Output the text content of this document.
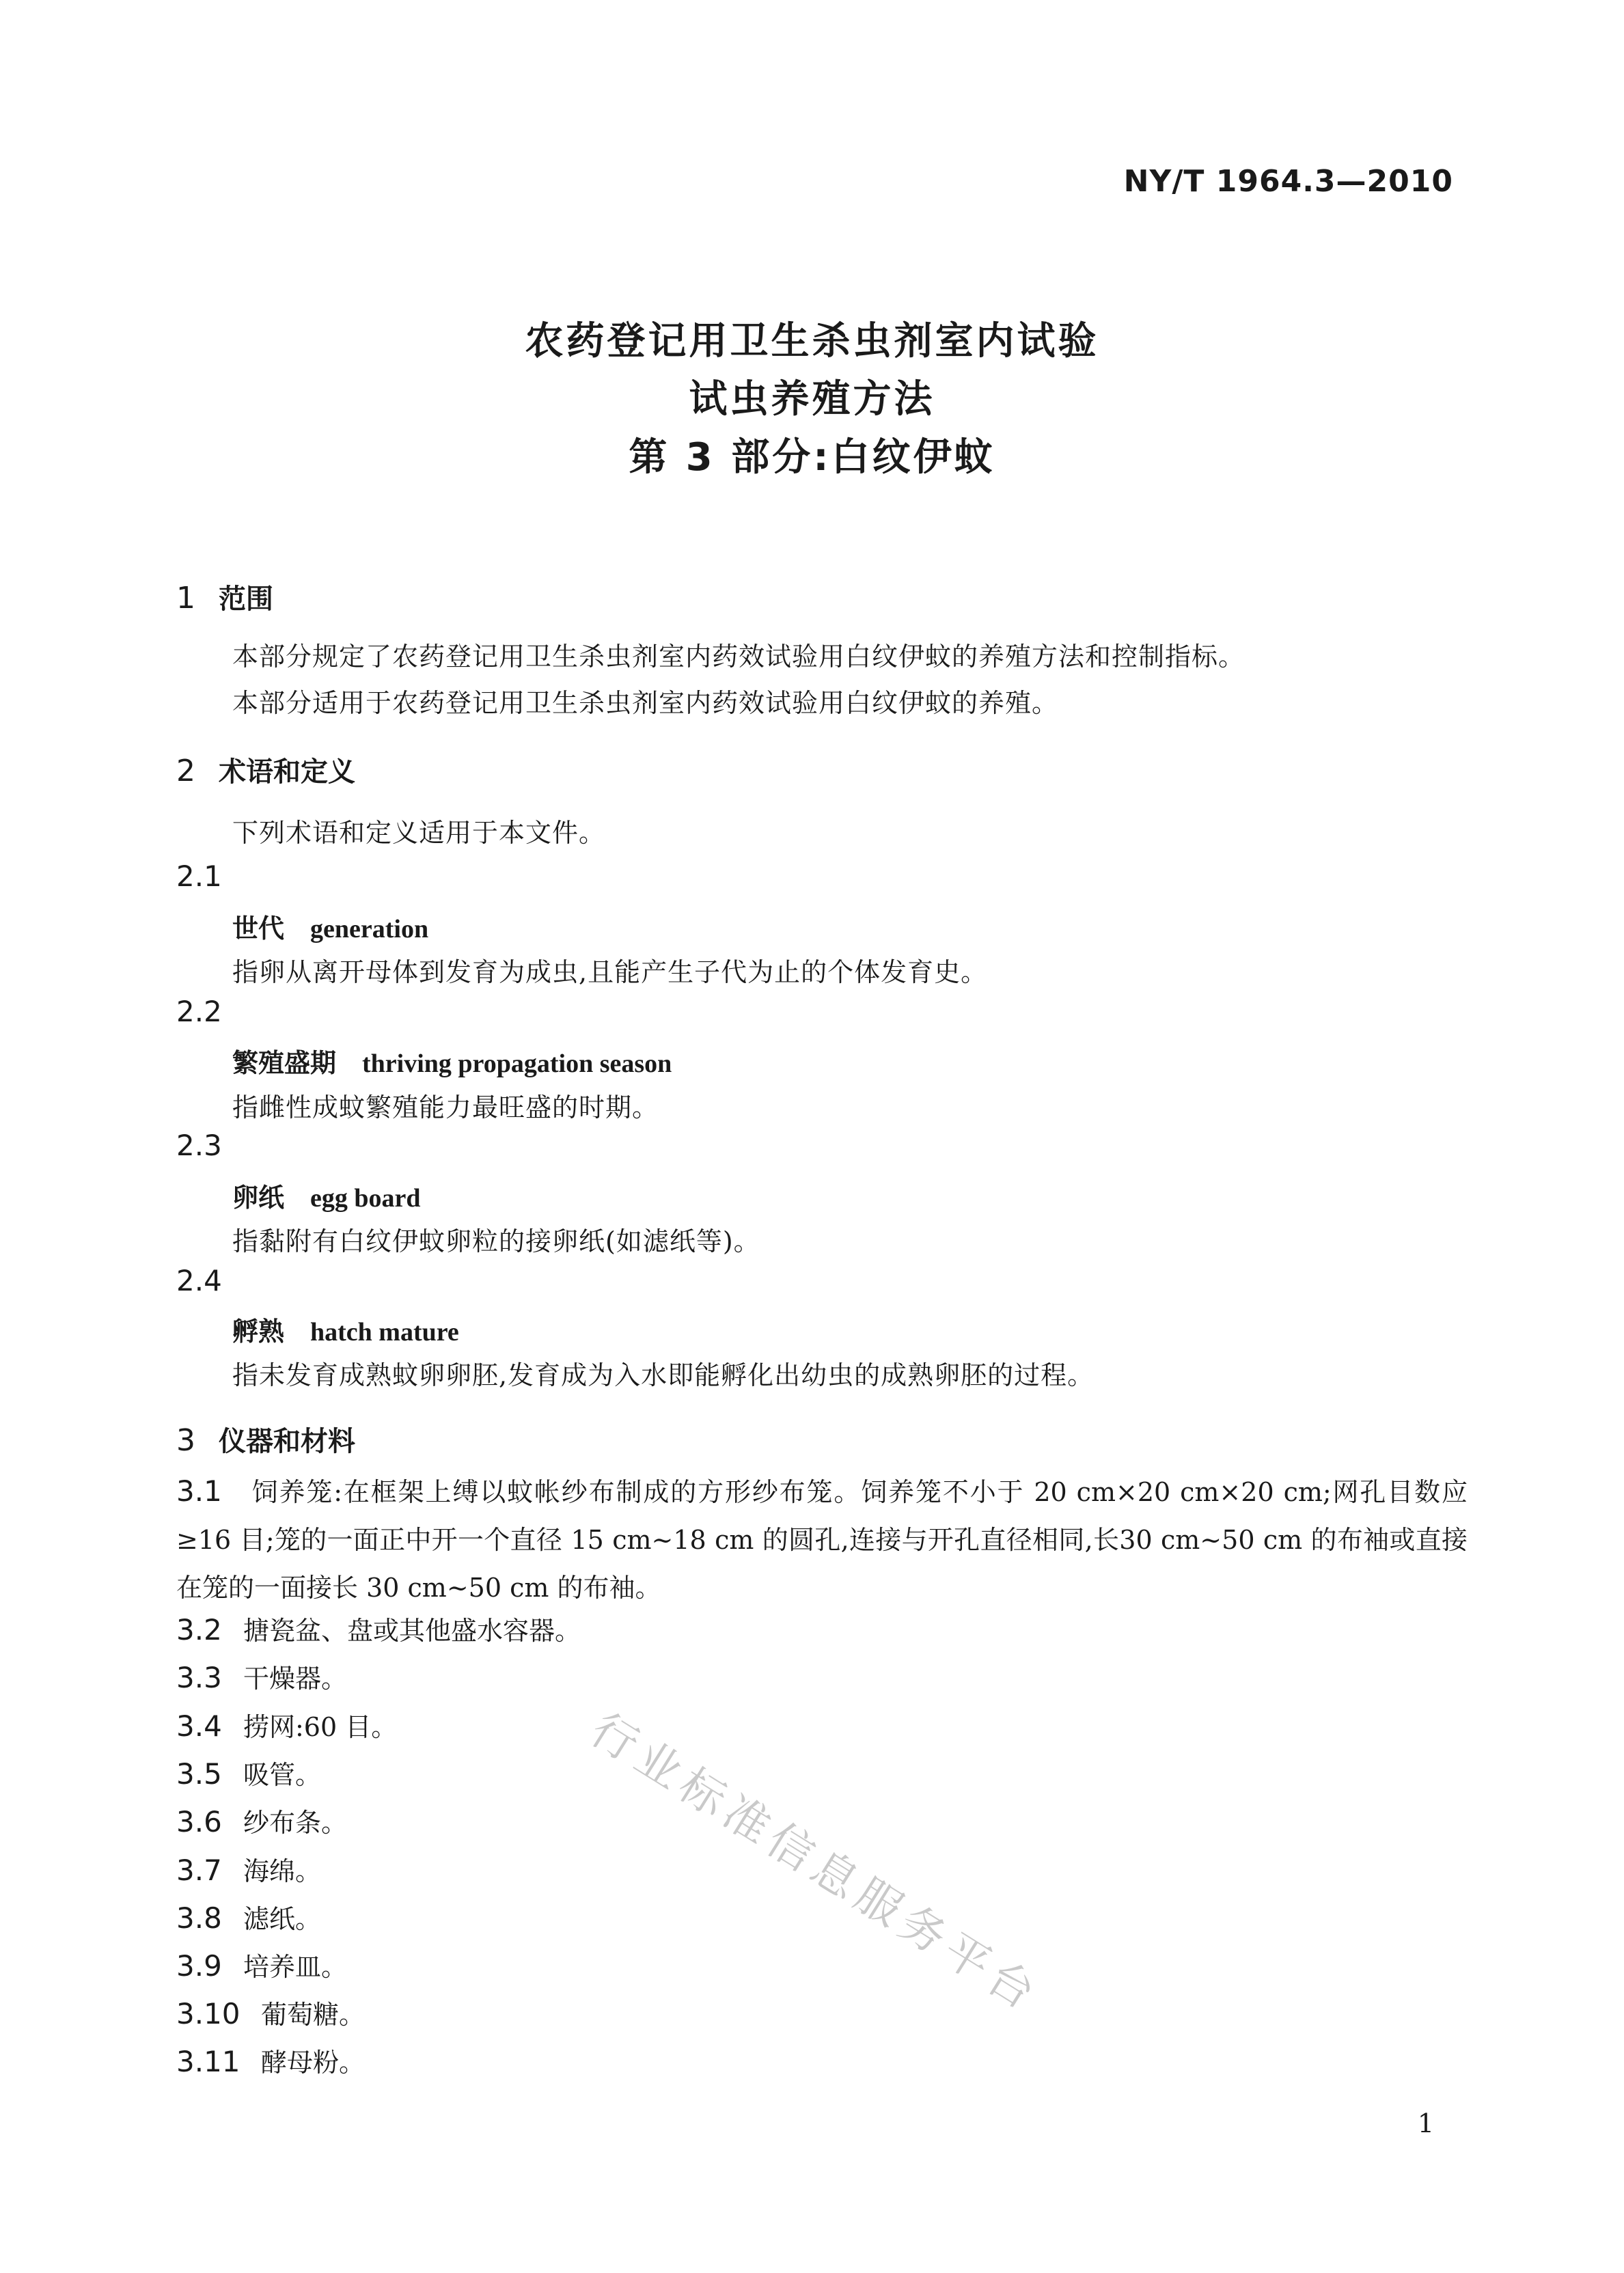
NY/T 1964.3—2010
农药登记用卫生杀虫剂室内试验
试虫养殖方法
第 3 部分:白纹伊蚊
1 范围
本部分规定了农药登记用卫生杀虫剂室内药效试验用白纹伊蚊的养殖方法和控制指标。
本部分适用于农药登记用卫生杀虫剂室内药效试验用白纹伊蚊的养殖。
2 术语和定义
下列术语和定义适用于本文件。
2.1
世代 generation
指卵从离开母体到发育为成虫,且能产生子代为止的个体发育史。
2.2
繁殖盛期 thriving propagation season
指雌性成蚊繁殖能力最旺盛的时期。
2.3
卵纸 egg board
指黏附有白纹伊蚊卵粒的接卵纸(如滤纸等)。
2.4
孵熟 hatch mature
指未发育成熟蚊卵卵胚,发育成为入水即能孵化出幼虫的成熟卵胚的过程。
3 仪器和材料
3.1 饲养笼:在框架上缚以蚊帐纱布制成的方形纱布笼。饲养笼不小于 20 cm×20 cm×20 cm;网孔目数应≥16 目;笼的一面正中开一个直径 15 cm~18 cm 的圆孔,连接与开孔直径相同,长30 cm~50 cm 的布袖或直接在笼的一面接长 30 cm~50 cm 的布袖。
3.2 搪瓷盆、盘或其他盛水容器。
3.3 干燥器。
3.4 捞网:60 目。
3.5 吸管。
3.6 纱布条。
3.7 海绵。
3.8 滤纸。
3.9 培养皿。
3.10 葡萄糖。
3.11 酵母粉。
行业标准信息服务平台
1
